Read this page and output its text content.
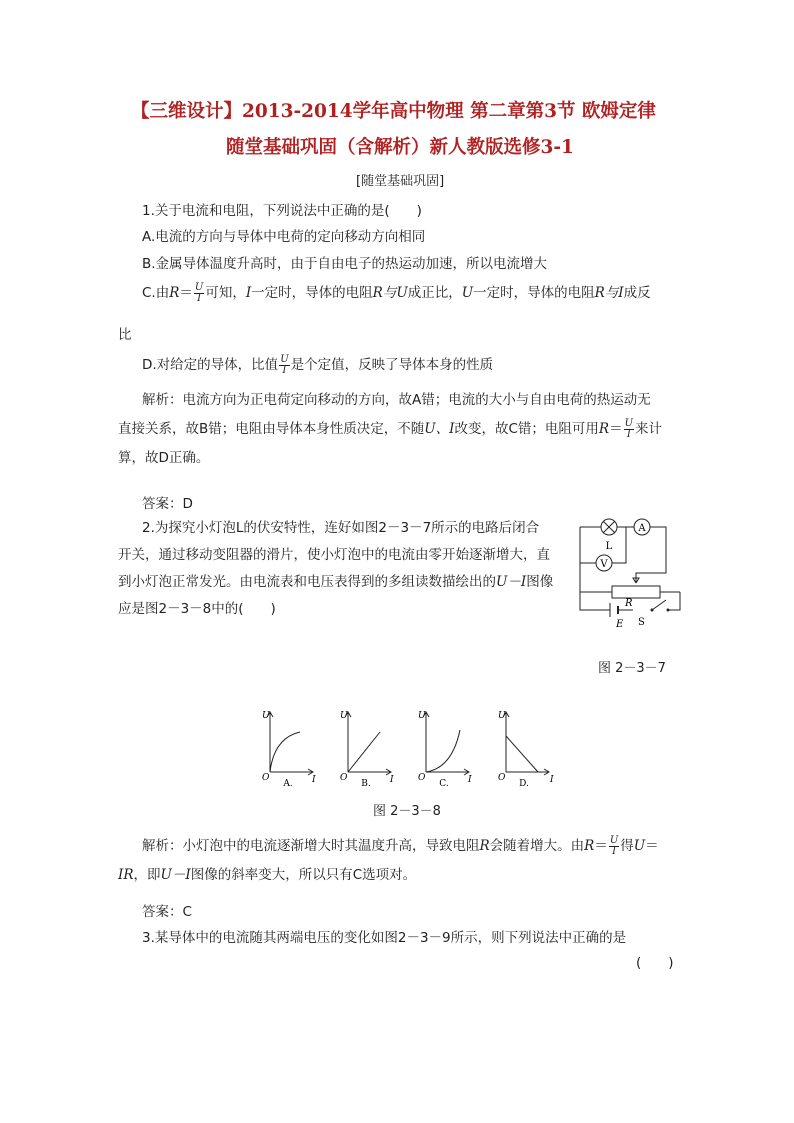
【三维设计】2013-2014学年高中物理 第二章第3节 欧姆定律
随堂基础巩固（含解析）新人教版选修3-1
[随堂基础巩固]
1.关于电流和电阻，下列说法中正确的是(　　)
A.电流的方向与导体中电荷的定向移动方向相同
B.金属导体温度升高时，由于自由电子的热运动加速，所以电流增大
C.由$R= \frac{U}{I}$ 可知，I一定时，导体的电阻R与U成正比，U一定时，导体的电阻R与I成反
比
D.对给定的导体，比值 $\frac{U}{I}$ 是个定值，反映了导体本身的性质
解析：电流方向为正电荷定向移动的方向，故A错；电流的大小与自由电荷的热运动无
直接关系，故B错；电阻由导体本身性质决定，不随U、I改变，故C错；电阻可用$R= \frac{U}{I}$ 来计
算，故D正确。
答案：D
2.为探究小灯泡L的伏安特性，连好如图2－3－7所示的电路后闭合
开关，通过移动变阻器的滑片，使小灯泡中的电流由零开始逐渐增大，直
到小灯泡正常发光。由电流表和电压表得到的多组读数描绘出的U－I图像
应是图2－3－8中的(　　)
A
V
L
R
E S
图 2－3－7
U
O	I
A.
U
O	I
B.
U
O	I
C.
U
O	I
D.
图 2－3－8
解析：小灯泡中的电流逐渐增大时其温度升高，导致电阻R会随着增大。由$R= \frac{U}{I}$ 得U＝
IR，即U－I图像的斜率变大，所以只有C选项对。
答案：C
3.某导体中的电流随其两端电压的变化如图2－3－9所示，则下列说法中正确的是
(　　)
